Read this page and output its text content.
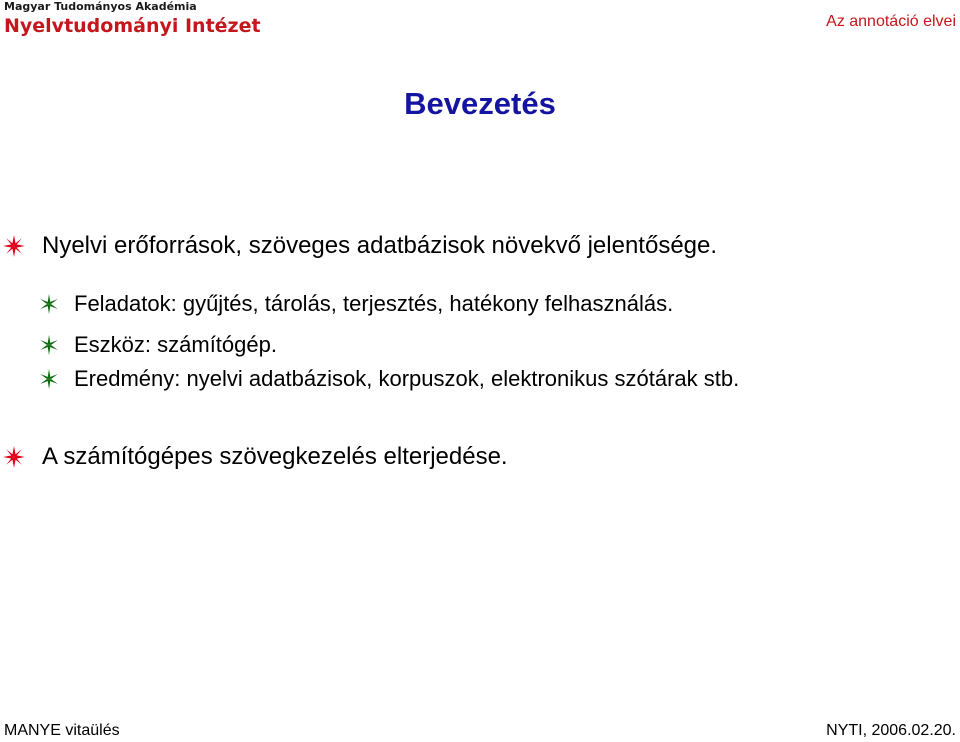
Magyar Tudományos Akadémia
Nyelvtudományi Intézet	Az annotáció elvei
Bevezetés
Nyelvi erőforrások, szöveges adatbázisok növekvő jelentősége.
Feladatok: gyűjtés, tárolás, terjesztés, hatékony felhasználás.
Eszköz: számítógép.
Eredmény: nyelvi adatbázisok, korpuszok, elektronikus szótárak stb.
A számítógépes szövegkezelés elterjedése.
MANYE vitaülés	NYTI, 2006.02.20.
